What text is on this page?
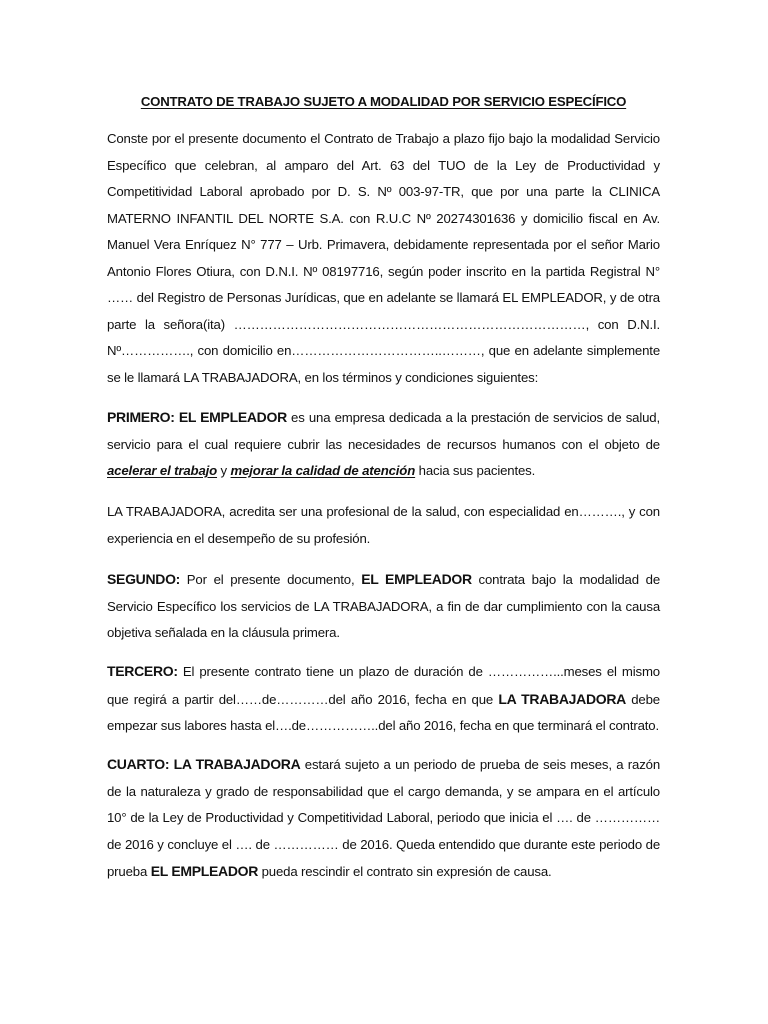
CONTRATO DE TRABAJO SUJETO A MODALIDAD POR SERVICIO ESPECÍFICO

Conste por el presente documento el Contrato de Trabajo a plazo fijo bajo la modalidad Servicio Específico que celebran, al amparo del Art. 63 del TUO de la Ley de Productividad y Competitividad Laboral aprobado por D. S. Nº 003-97-TR, que por una parte la CLINICA MATERNO INFANTIL DEL NORTE S.A. con R.U.C Nº 20274301636 y domicilio fiscal en Av. Manuel Vera Enríquez N° 777 – Urb. Primavera, debidamente representada por el señor Mario Antonio Flores Otiura, con D.N.I. Nº 08197716, según poder inscrito en la partida Registral N° …… del Registro de Personas Jurídicas, que en adelante se llamará EL EMPLEADOR, y de otra parte la señora(ita) ………………………………………………………………………, con D.N.I. Nº……………., con domicilio en……………………………..………, que en adelante simplemente se le llamará LA TRABAJADORA, en los términos y condiciones siguientes:

PRIMERO: EL EMPLEADOR es una empresa dedicada a la prestación de servicios de salud, servicio para el cual requiere cubrir las necesidades de recursos humanos con el objeto de acelerar el trabajo y mejorar la calidad de atención hacia sus pacientes.

LA TRABAJADORA, acredita ser una profesional de la salud, con especialidad en………., y con experiencia en el desempeño de su profesión.

SEGUNDO: Por el presente documento, EL EMPLEADOR contrata bajo la modalidad de Servicio Específico los servicios de LA TRABAJADORA, a fin de dar cumplimiento con la causa objetiva señalada en la cláusula primera.

TERCERO: El presente contrato tiene un plazo de duración de ……………...meses el mismo que regirá a partir del……de…………del año 2016, fecha en que LA TRABAJADORA debe empezar sus labores hasta el….de……………..del año 2016, fecha en que terminará el contrato.

CUARTO: LA TRABAJADORA estará sujeto a un periodo de prueba de seis meses, a razón de la naturaleza y grado de responsabilidad que el cargo demanda, y se ampara en el artículo 10° de la Ley de Productividad y Competitividad Laboral, periodo que inicia el …. de …………… de 2016 y concluye el …. de …………… de 2016. Queda entendido que durante este periodo de prueba EL EMPLEADOR pueda rescindir el contrato sin expresión de causa.
